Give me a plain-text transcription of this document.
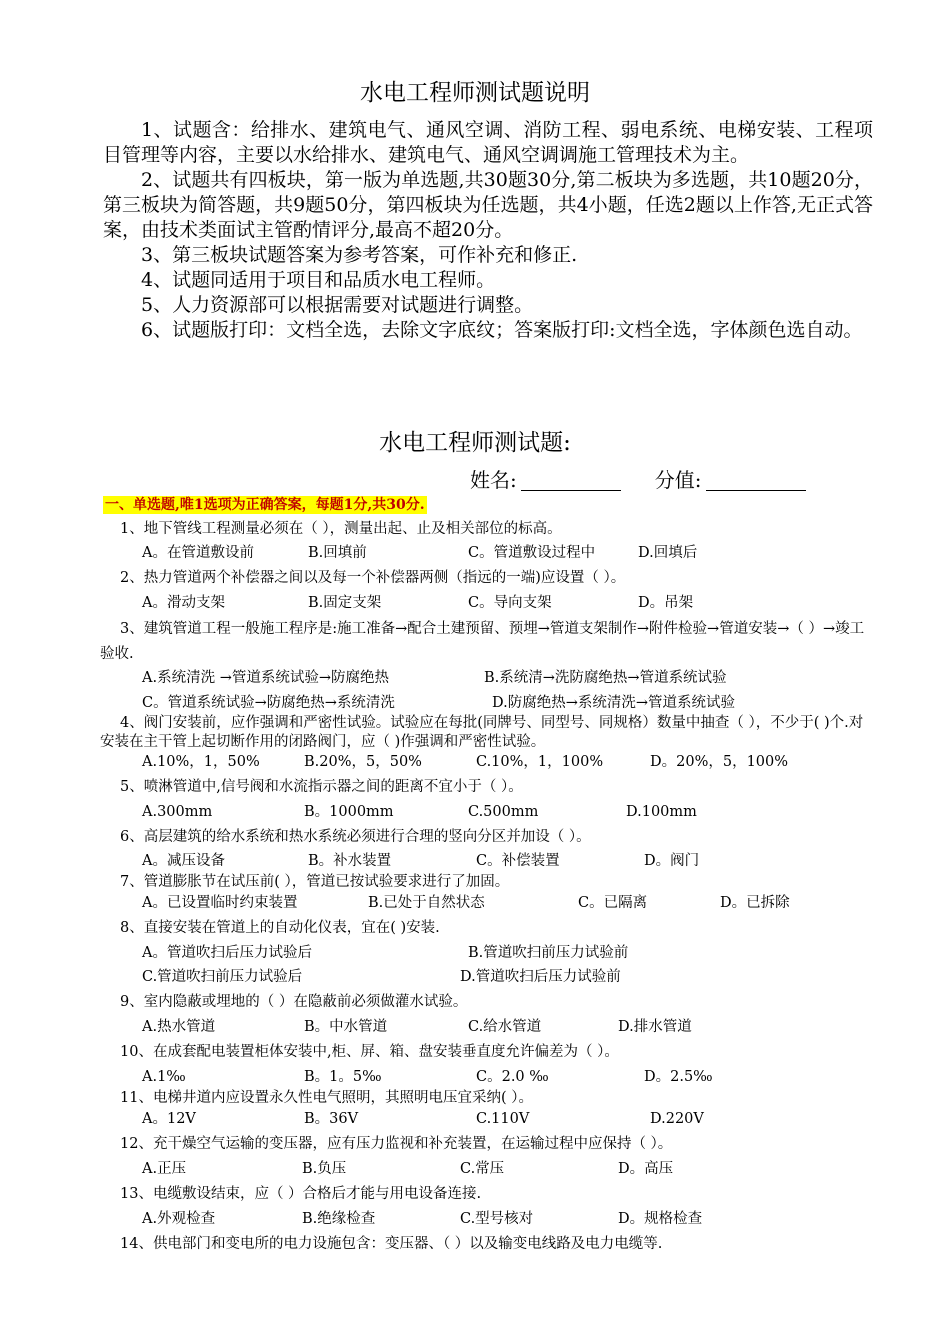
水电工程师测试题说明

1、试题含：给排水、建筑电气、通风空调、消防工程、弱电系统、电梯安装、工程项目管理等内容，主要以水给排水、建筑电气、通风空调调施工管理技术为主。

2、试题共有四板块，第一版为单选题,共30题30分,第二板块为多选题，共10题20分，第三板块为简答题，共9题50分，第四板块为任选题，共4小题，任选2题以上作答,无正式答案，由技术类面试主管酌情评分,最高不超20分。

3、第三板块试题答案为参考答案，可作补充和修正.

4、试题同适用于项目和品质水电工程师。

5、人力资源部可以根据需要对试题进行调整。

6、试题版打印：文档全选，去除文字底纹；答案版打印:文档全选，字体颜色选自动。

水电工程师测试题:
姓名:	分值:
一、单选题,唯1选项为正确答案，每题1分,共30分.
1、地下管线工程测量必须在（ ），测量出起、止及相关部位的标高。
A。在管道敷设前	B.回填前	C。管道敷设过程中	D.回填后
2、热力管道两个补偿器之间以及每一个补偿器两侧（指远的一端)应设置（ ）。
A。滑动支架	B.固定支架	C。导向支架	D。吊架
3、建筑管道工程一般施工程序是:施工准备→配合土建预留、预埋→管道支架制作→附件检验→管道安装→（ ）→竣工验收.
A.系统清洗 →管道系统试验→防腐绝热	B.系统清→洗防腐绝热→管道系统试验
C。管道系统试验→防腐绝热→系统清洗	D.防腐绝热→系统清洗→管道系统试验
4、阀门安装前，应作强调和严密性试验。试验应在每批(同牌号、同型号、同规格）数量中抽查（ ），不少于( )个.对安装在主干管上起切断作用的闭路阀门，应（ )作强调和严密性试验。
A.10%，1，50%	B.20%，5，50%	C.10%，1，100%	D。20%，5，100%
5、喷淋管道中,信号阀和水流指示器之间的距离不宜小于（ ）。
A.300mm	B。1000mm	C.500mm	D.100mm
6、高层建筑的给水系统和热水系统必须进行合理的竖向分区并加设（ ）。
A。减压设备	B。补水装置	C。补偿装置	D。阀门
7、管道膨胀节在试压前( ），管道已按试验要求进行了加固。
A。已设置临时约束装置	B.已处于自然状态	C。已隔离	D。已拆除
8、直接安装在管道上的自动化仪表，宜在( )安装.
A。管道吹扫后压力试验后	B.管道吹扫前压力试验前
C.管道吹扫前压力试验后	D.管道吹扫后压力试验前
9、室内隐蔽或埋地的（ ）在隐蔽前必须做灌水试验。
A.热水管道	B。中水管道	C.给水管道	D.排水管道
10、在成套配电装置柜体安装中,柜、屏、箱、盘安装垂直度允许偏差为（ ）。
A.1‰	B。1。5‰	C。2.0 ‰	D。2.5‰
11、电梯井道内应设置永久性电气照明，其照明电压宜采纳( ）。
A。12V	B。36V	C.110V	D.220V
12、充干燥空气运输的变压器，应有压力监视和补充装置，在运输过程中应保持（ ）。
A.正压	B.负压	C.常压	D。高压
13、电缆敷设结束，应（ ）合格后才能与用电设备连接.
A.外观检查	B.绝缘检查	C.型号核对	D。规格检查
14、供电部门和变电所的电力设施包含：变压器、（ ）以及输变电线路及电力电缆等.
